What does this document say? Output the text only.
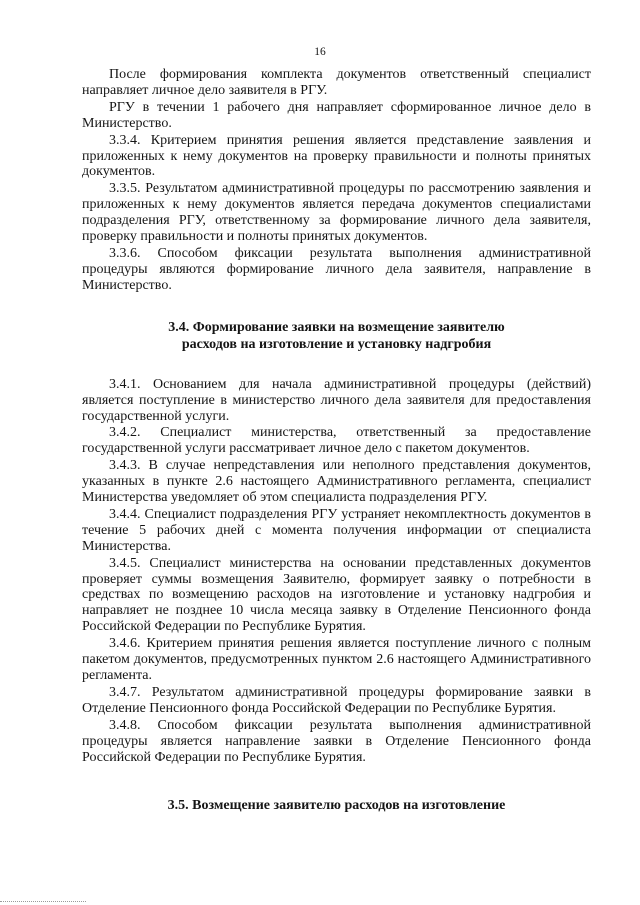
16

После формирования комплекта документов ответственный специалист направляет личное дело заявителя в РГУ.

РГУ в течении 1 рабочего дня направляет сформированное личное дело в Министерство.

3.3.4. Критерием принятия решения является представление заявления и приложенных к нему документов на проверку правильности и полноты принятых документов.

3.3.5. Результатом административной процедуры по рассмотрению заявления и приложенных к нему документов является передача документов специалистами подразделения РГУ, ответственному за формирование личного дела заявителя, проверку правильности и полноты принятых документов.

3.3.6. Способом фиксации результата выполнения административной процедуры являются формирование личного дела заявителя, направление в Министерство.

3.4. Формирование заявки на возмещение заявителю
расходов на изготовление и установку надгробия

3.4.1. Основанием для начала административной процедуры (действий) является поступление в министерство личного дела заявителя для предоставления государственной услуги.

3.4.2. Специалист министерства, ответственный за предоставление государственной услуги рассматривает личное дело с пакетом документов.

3.4.3. В случае непредставления или неполного представления документов, указанных в пункте 2.6 настоящего Административного регламента, специалист Министерства уведомляет об этом специалиста подразделения РГУ.

3.4.4. Специалист подразделения РГУ устраняет некомплектность документов в течение 5 рабочих дней с момента получения информации от специалиста Министерства.

3.4.5. Специалист министерства на основании представленных документов проверяет суммы возмещения Заявителю, формирует заявку о потребности в средствах по возмещению расходов на изготовление и установку надгробия и направляет не позднее 10 числа месяца заявку в Отделение Пенсионного фонда Российской Федерации по Республике Бурятия.

3.4.6. Критерием принятия решения является поступление личного с полным пакетом документов, предусмотренных пунктом 2.6 настоящего Административного регламента.

3.4.7. Результатом административной процедуры формирование заявки в Отделение Пенсионного фонда Российской Федерации по Республике Бурятия.

3.4.8. Способом фиксации результата выполнения административной процедуры является направление заявки в Отделение Пенсионного фонда Российской Федерации по Республике Бурятия.

3.5. Возмещение заявителю расходов на изготовление
